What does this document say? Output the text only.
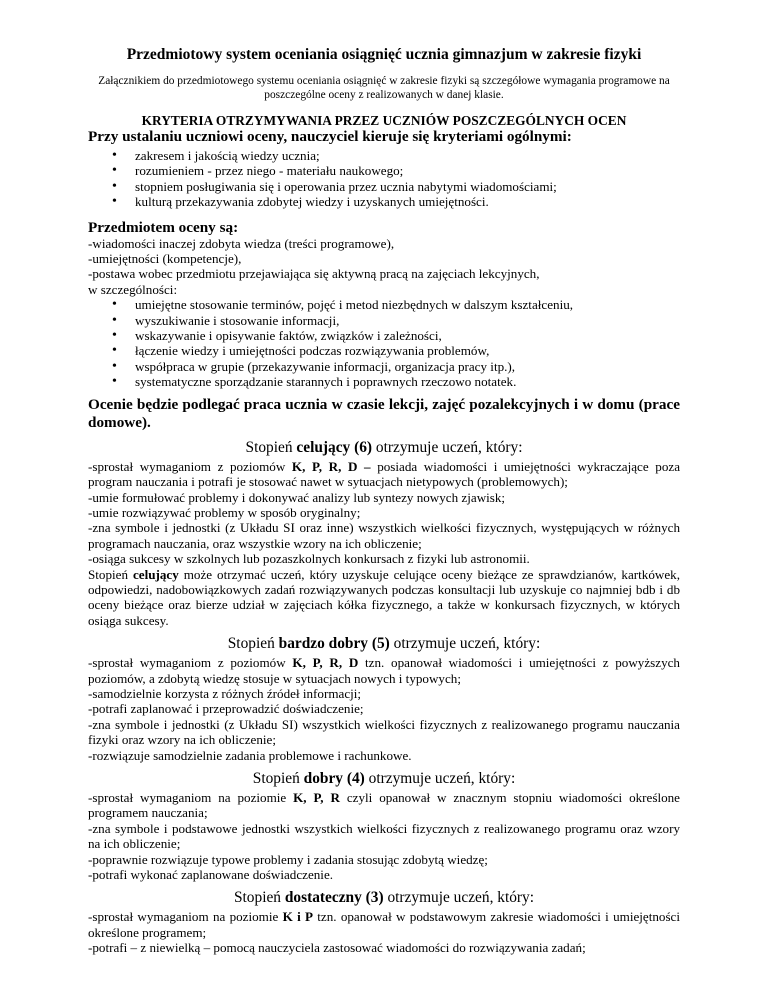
Przedmiotowy system oceniania osiągnięć ucznia gimnazjum w zakresie fizyki
Załącznikiem do przedmiotowego systemu oceniania osiągnięć w zakresie fizyki są szczegółowe wymagania programowe na poszczególne oceny z realizowanych w danej klasie.
KRYTERIA OTRZYMYWANIA PRZEZ UCZNIÓW POSZCZEGÓLNYCH OCEN
Przy ustalaniu uczniowi oceny, nauczyciel kieruje się kryteriami ogólnymi:
• zakresem i jakością wiedzy ucznia;
• rozumieniem - przez niego - materiału naukowego;
• stopniem posługiwania się i operowania przez ucznia nabytymi wiadomościami;
• kulturą przekazywania zdobytej wiedzy i uzyskanych umiejętności.
Przedmiotem oceny są:

-wiadomości inaczej zdobyta wiedza (treści programowe),

-umiejętności (kompetencje),

-postawa wobec przedmiotu przejawiająca się aktywną pracą na zajęciach lekcyjnych,

w szczególności:

• umiejętne stosowanie terminów, pojęć i metod niezbędnych w dalszym kształceniu,
• wyszukiwanie i stosowanie informacji,
• wskazywanie i opisywanie faktów, związków i zależności,
• łączenie wiedzy i umiejętności podczas rozwiązywania problemów,
• współpraca w grupie (przekazywanie informacji, organizacja pracy itp.),
• systematyczne sporządzanie starannych i poprawnych rzeczowo notatek.
Ocenie będzie podlegać praca ucznia w czasie lekcji, zajęć pozalekcyjnych i w domu (prace domowe).
Stopień celujący (6) otrzymuje uczeń, który:

-sprostał wymaganiom z poziomów K, P, R, D – posiada wiadomości i umiejętności wykraczające poza program nauczania i potrafi je stosować nawet w sytuacjach nietypowych (problemowych);

-umie formułować problemy i dokonywać analizy lub syntezy nowych zjawisk;

-umie rozwiązywać problemy w sposób oryginalny;

-zna symbole i jednostki (z Układu SI oraz inne) wszystkich wielkości fizycznych, występujących w różnych programach nauczania, oraz wszystkie wzory na ich obliczenie;

-osiąga sukcesy w szkolnych lub pozaszkolnych konkursach z fizyki lub astronomii.

Stopień celujący może otrzymać uczeń, który uzyskuje celujące oceny bieżące ze sprawdzianów, kartkówek, odpowiedzi, nadobowiązkowych zadań rozwiązywanych podczas konsultacji lub uzyskuje co najmniej bdb i db oceny bieżące oraz bierze udział w zajęciach kółka fizycznego, a także w konkursach fizycznych, w których osiąga sukcesy.

Stopień bardzo dobry (5) otrzymuje uczeń, który:

-sprostał wymaganiom z poziomów K, P, R, D tzn. opanował wiadomości i umiejętności z powyższych poziomów, a zdobytą wiedzę stosuje w sytuacjach nowych i typowych;

-samodzielnie korzysta z różnych źródeł informacji;

-potrafi zaplanować i przeprowadzić doświadczenie;

-zna symbole i jednostki (z Układu SI) wszystkich wielkości fizycznych z realizowanego programu nauczania fizyki oraz wzory na ich obliczenie;

-rozwiązuje samodzielnie zadania problemowe i rachunkowe.

Stopień dobry (4) otrzymuje uczeń, który:

-sprostał wymaganiom na poziomie K, P, R czyli opanował w znacznym stopniu wiadomości określone programem nauczania;

-zna symbole i podstawowe jednostki wszystkich wielkości fizycznych z realizowanego programu oraz wzory na ich obliczenie;

-poprawnie rozwiązuje typowe problemy i zadania stosując zdobytą wiedzę;

-potrafi wykonać zaplanowane doświadczenie.

Stopień dostateczny (3) otrzymuje uczeń, który:

-sprostał wymaganiom na poziomie K i P tzn. opanował w podstawowym zakresie wiadomości i umiejętności określone programem;

-potrafi – z niewielką – pomocą nauczyciela zastosować wiadomości do rozwiązywania zadań;
